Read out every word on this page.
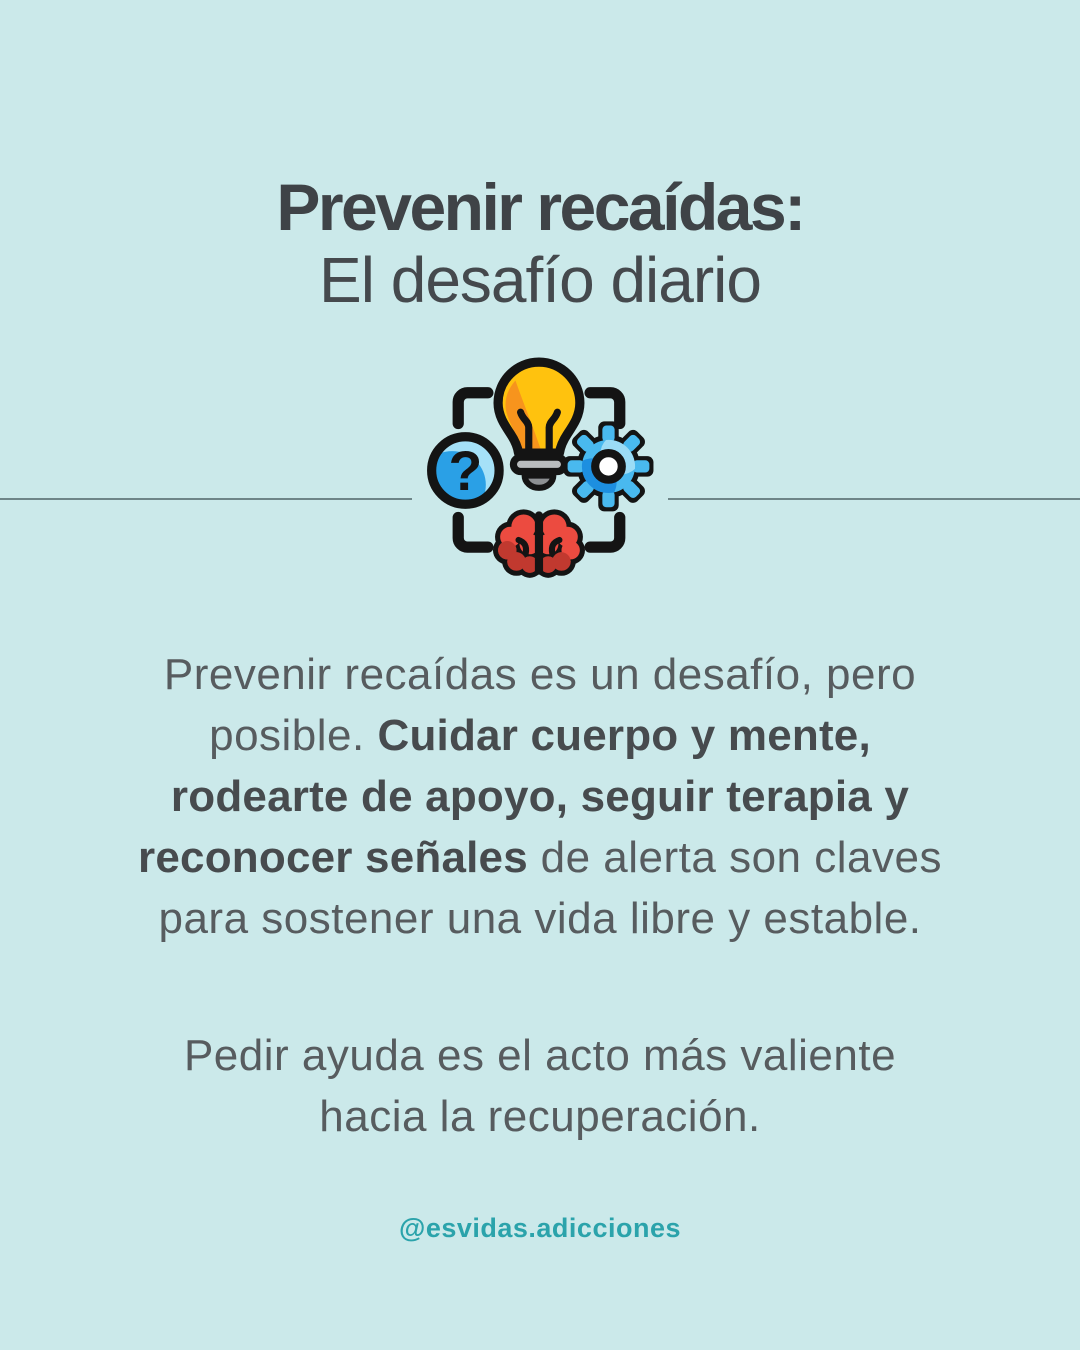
Prevenir recaídas:
El desafío diario
?
Prevenir recaídas es un desafío, pero
posible. Cuidar cuerpo y mente,
rodearte de apoyo, seguir terapia y
reconocer señales de alerta son claves
para sostener una vida libre y estable.
Pedir ayuda es el acto más valiente
hacia la recuperación.
@esvidas.adicciones
